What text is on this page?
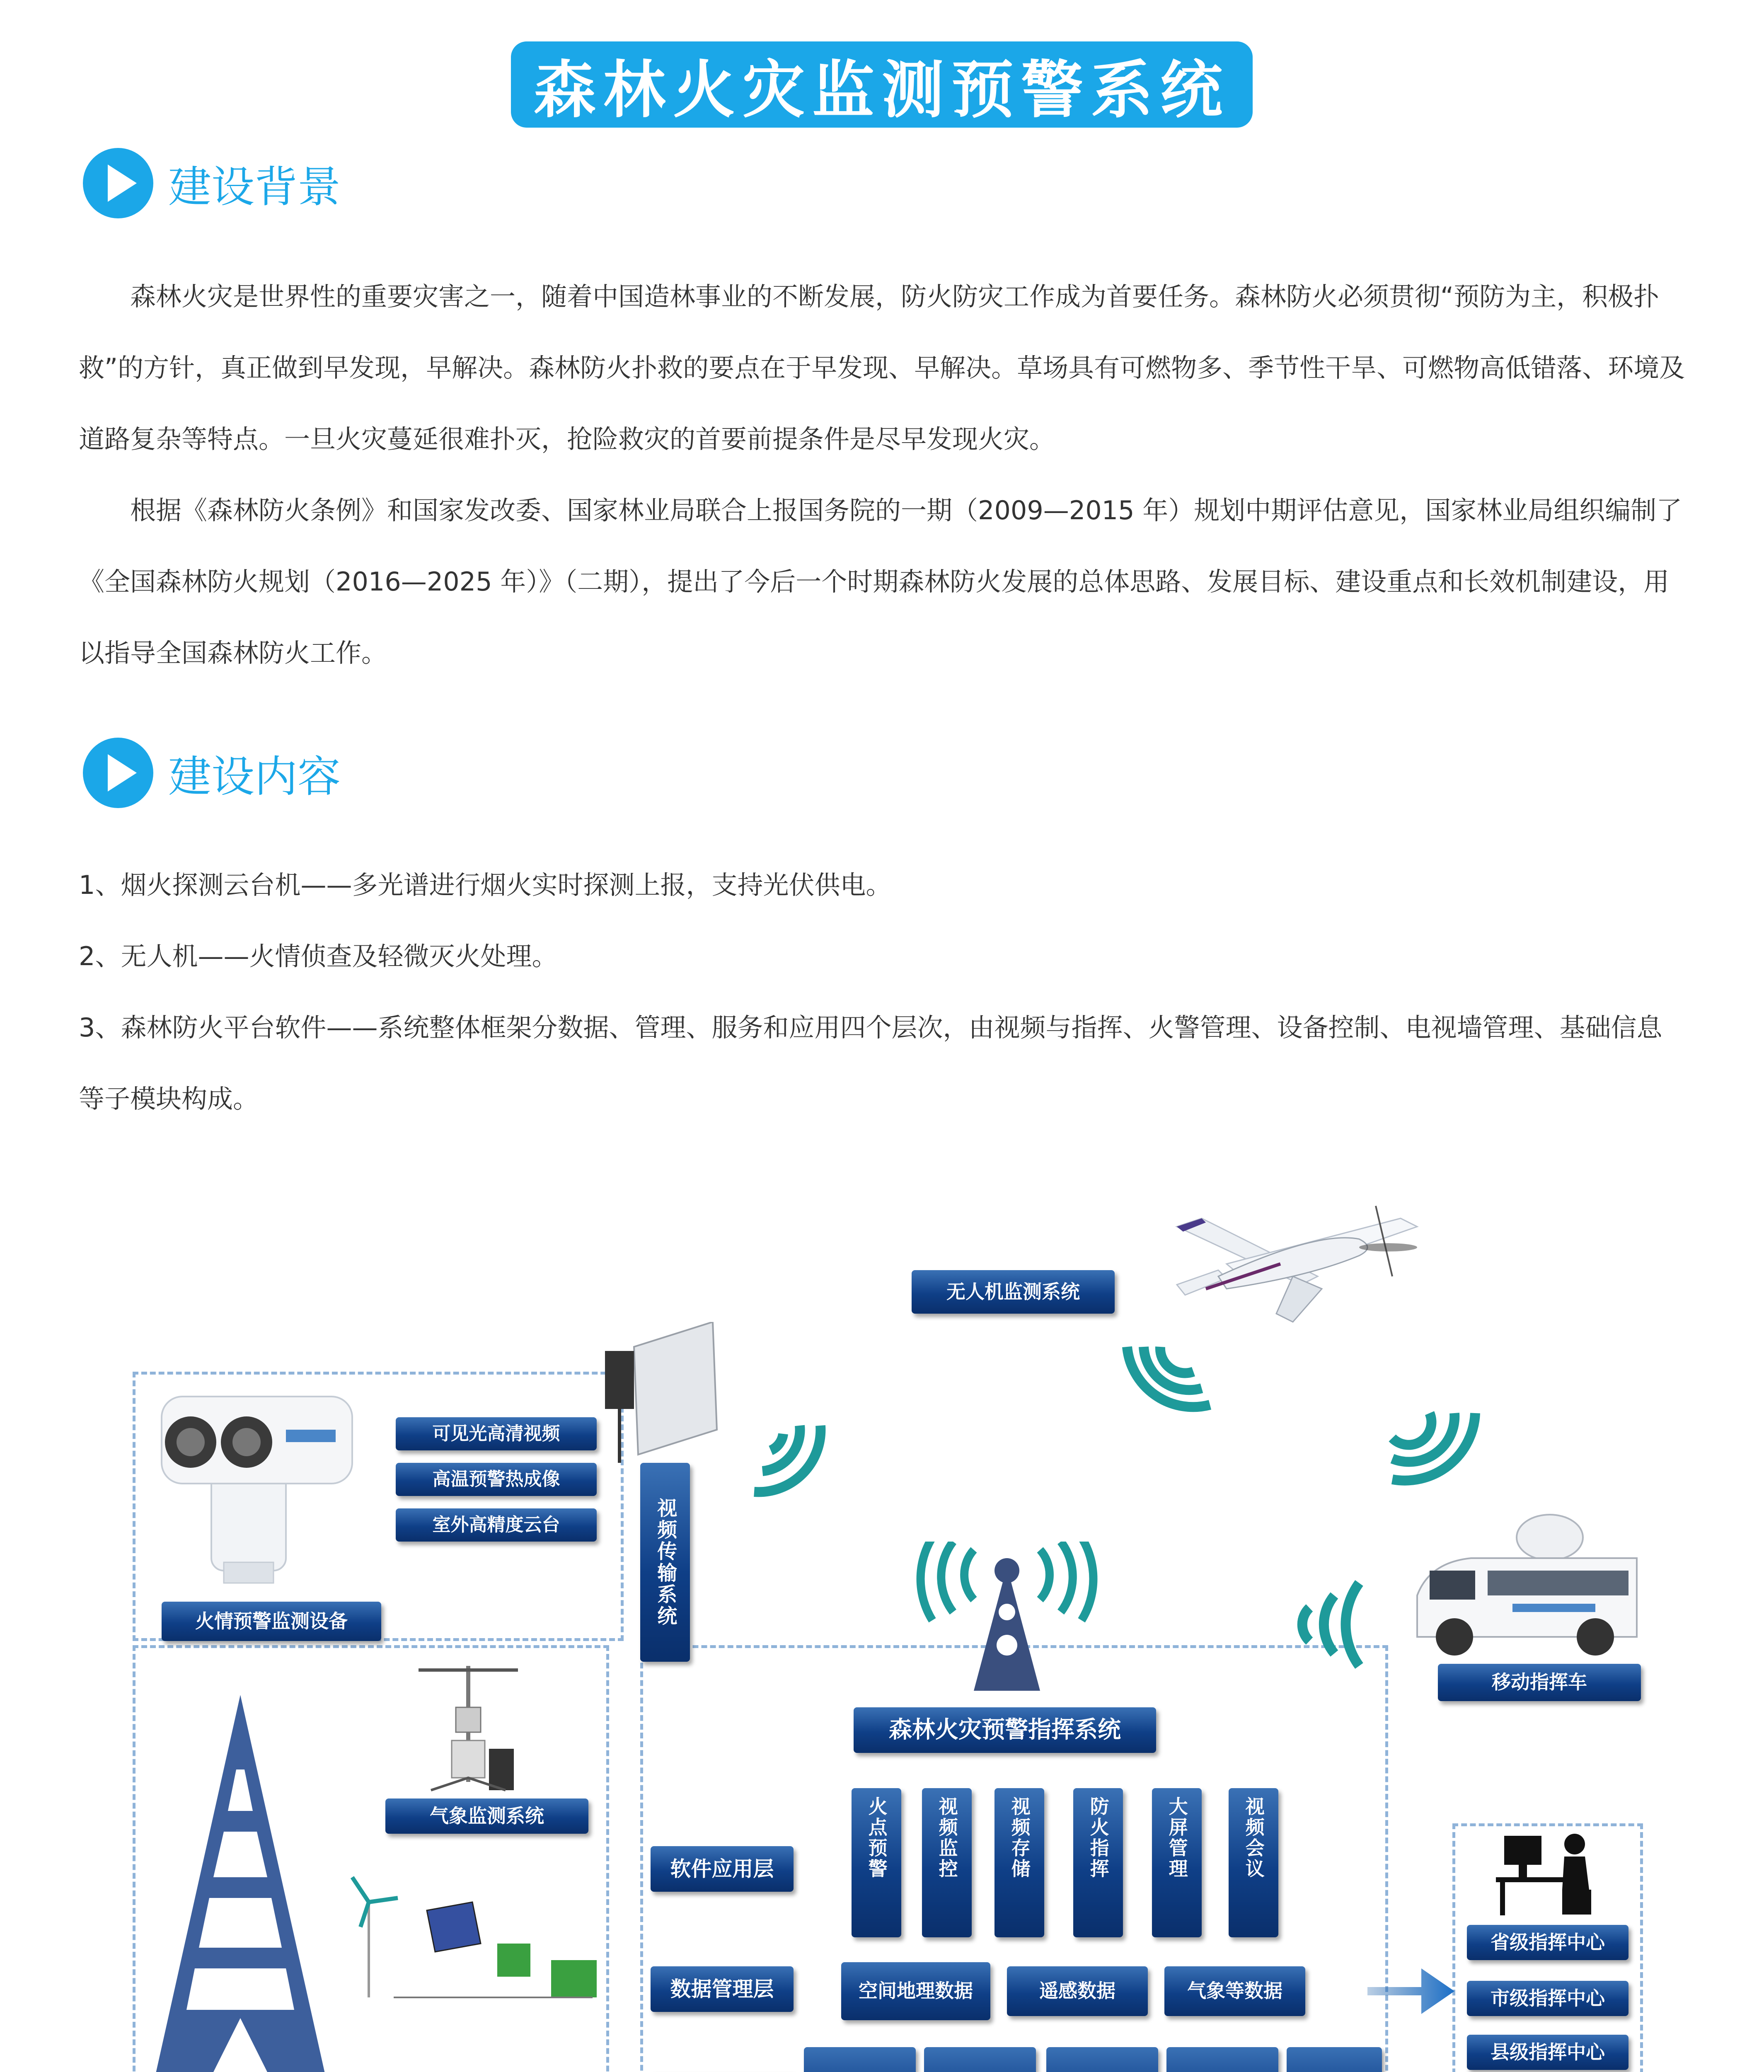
森林火灾监测预警系统
建设背景

森林火灾是世界性的重要灾害之一，随着中国造林事业的不断发展，防火防灾工作成为首要任务。森林防火必须贯彻“预防为主，积极扑救”的方针，真正做到早发现，早解决。森林防火扑救的要点在于早发现、早解决。草场具有可燃物多、季节性干旱、可燃物高低错落、环境及道路复杂等特点。一旦火灾蔓延很难扑灭，抢险救灾的首要前提条件是尽早发现火灾。

根据《森林防火条例》和国家发改委、国家林业局联合上报国务院的一期（2009—2015 年）规划中期评估意见，国家林业局组织编制了《全国森林防火规划（2016—2025 年）》（二期），提出了今后一个时期森林防火发展的总体思路、发展目标、建设重点和长效机制建设，用以指导全国森林防火工作。

建设内容

1、烟火探测云台机——多光谱进行烟火实时探测上报，支持光伏供电。

2、无人机——火情侦查及轻微灭火处理。

3、森林防火平台软件——系统整体框架分数据、管理、服务和应用四个层次，由视频与指挥、火警管理、设备控制、电视墙管理、基础信息等子模块构成。

无人机监测系统
可见光高清视频
高温预警热成像
室外高精度云台
火情预警监测设备	视频传输系统
移动指挥车
森林火灾预警指挥系统
气象监测系统
软件应用层
数据管理层
火点预警	视频监控	视频存储	防火指挥	大屏管理	视频会议
空间地理数据	遥感数据	气象等数据
省级指挥中心
市级指挥中心
县级指挥中心
